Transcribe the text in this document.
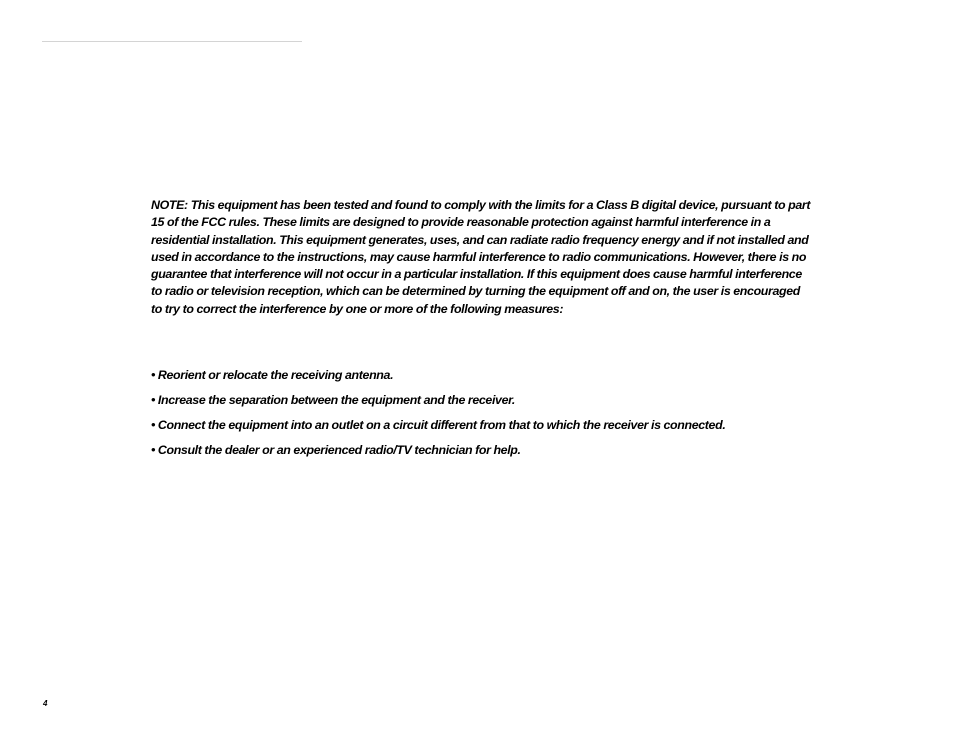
NOTE: This equipment has been tested and found to comply with the limits for a Class B digital device, pursuant to part 15 of the FCC rules. These limits are designed to provide reasonable protection against harmful interference in a residential installation. This equipment generates, uses, and can radiate radio frequency energy and if not installed and used in accordance to the instructions, may cause harmful interference to radio communications. However, there is no guarantee that interference will not occur in a particular installation. If this equipment does cause harmful interference to radio or television reception, which can be determined by turning the equipment off and on, the user is encouraged to try to correct the interference by one or more of the following measures:

• Reorient or relocate the receiving antenna.
• Increase the separation between the equipment and the receiver.
• Connect the equipment into an outlet on a circuit different from that to which the receiver is connected.
• Consult the dealer or an experienced radio/TV technician for help.
4
